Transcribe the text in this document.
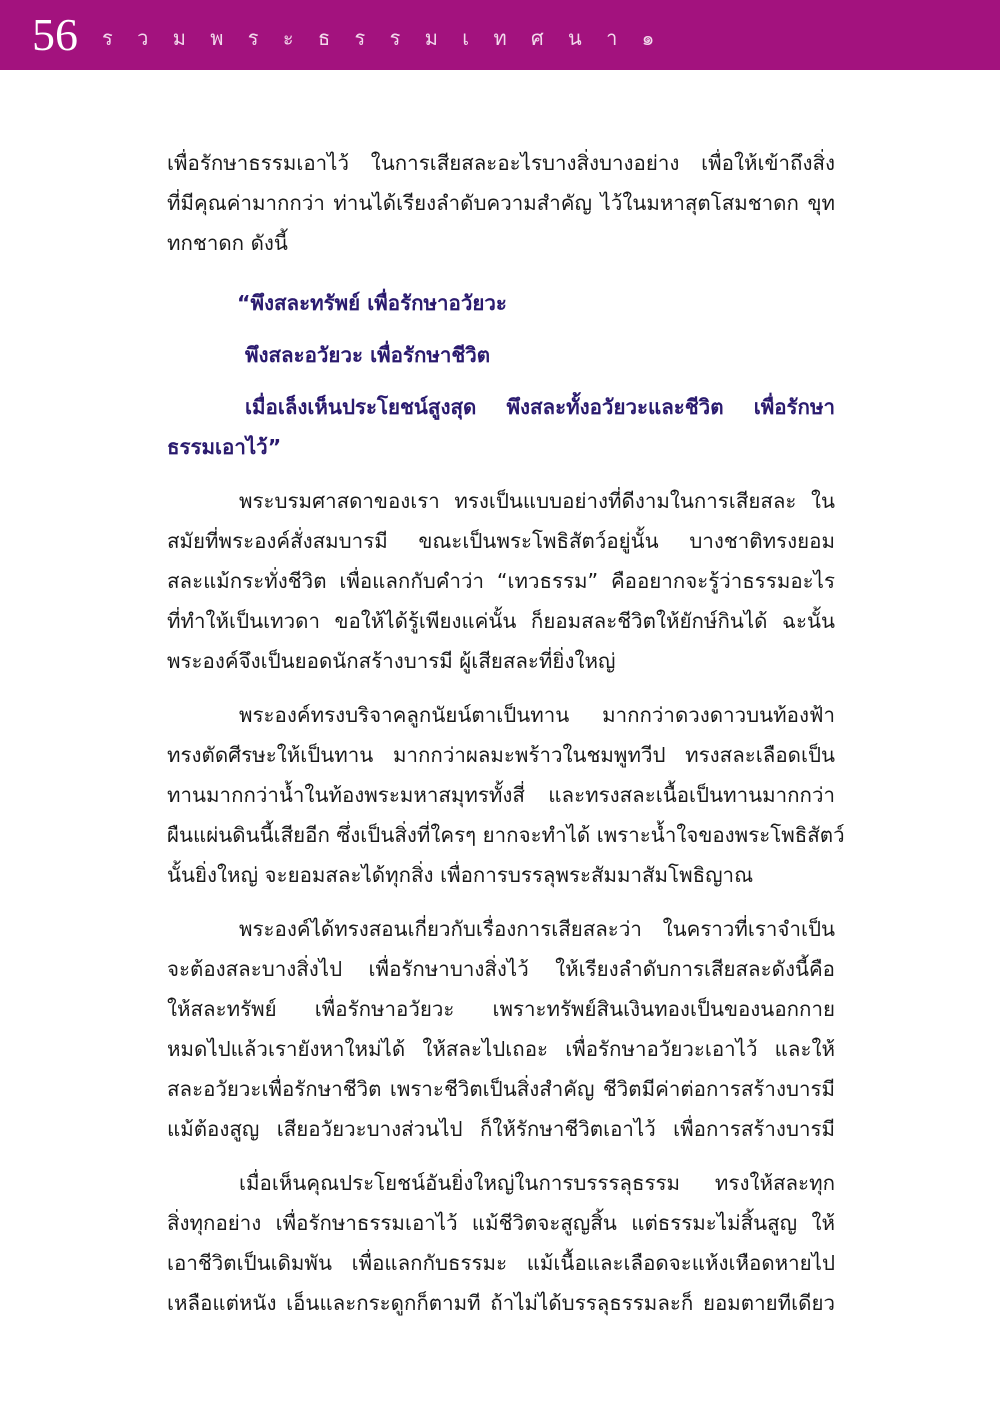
56 ร ว ม พ ร ะ ธ ร ร ม เ ท ศ น า ๑
เพื่อรักษาธรรมเอาไว้ ในการเสียสละอะไรบางสิ่งบางอย่าง เพื่อให้เข้าถึงสิ่ง
ที่มีคุณค่ามากกว่า ท่านได้เรียงลำดับความสำคัญ ไว้ในมหาสุตโสมชาดก ขุท
ทกชาดก ดังนี้
“พึงสละทรัพย์ เพื่อรักษาอวัยวะ
พึงสละอวัยวะ เพื่อรักษาชีวิต
เมื่อเล็งเห็นประโยชน์สูงสุด พึงสละทั้งอวัยวะและชีวิต เพื่อรักษา
ธรรมเอาไว้”
พระบรมศาสดาของเรา ทรงเป็นแบบอย่างที่ดีงามในการเสียสละ ใน
สมัยที่พระองค์สั่งสมบารมี ขณะเป็นพระโพธิสัตว์อยู่นั้น บางชาติทรงยอม
สละแม้กระทั่งชีวิต เพื่อแลกกับคำว่า “เทวธรรม” คืออยากจะรู้ว่าธรรมอะไร
ที่ทำให้เป็นเทวดา ขอให้ได้รู้เพียงแค่นั้น ก็ยอมสละชีวิตให้ยักษ์กินได้ ฉะนั้น
พระองค์จึงเป็นยอดนักสร้างบารมี ผู้เสียสละที่ยิ่งใหญ่
พระองค์ทรงบริจาคลูกนัยน์ตาเป็นทาน มากกว่าดวงดาวบนท้องฟ้า
ทรงตัดศีรษะให้เป็นทาน มากกว่าผลมะพร้าวในชมพูทวีป ทรงสละเลือดเป็น
ทานมากกว่าน้ำในท้องพระมหาสมุทรทั้งสี่ และทรงสละเนื้อเป็นทานมากกว่า
ผืนแผ่นดินนี้เสียอีก ซึ่งเป็นสิ่งที่ใครๆ ยากจะทำได้ เพราะน้ำใจของพระโพธิสัตว์
นั้นยิ่งใหญ่ จะยอมสละได้ทุกสิ่ง เพื่อการบรรลุพระสัมมาสัมโพธิญาณ
พระองค์ได้ทรงสอนเกี่ยวกับเรื่องการเสียสละว่า ในคราวที่เราจำเป็น
จะต้องสละบางสิ่งไป เพื่อรักษาบางสิ่งไว้ ให้เรียงลำดับการเสียสละดังนี้คือ
ให้สละทรัพย์ เพื่อรักษาอวัยวะ เพราะทรัพย์สินเงินทองเป็นของนอกกาย
หมดไปแล้วเรายังหาใหม่ได้ ให้สละไปเถอะ เพื่อรักษาอวัยวะเอาไว้ และให้
สละอวัยวะเพื่อรักษาชีวิต เพราะชีวิตเป็นสิ่งสำคัญ ชีวิตมีค่าต่อการสร้างบารมี
แม้ต้องสูญ เสียอวัยวะบางส่วนไป ก็ให้รักษาชีวิตเอาไว้ เพื่อการสร้างบารมี
เมื่อเห็นคุณประโยชน์อันยิ่งใหญ่ในการบรรรลุธรรม ทรงให้สละทุก
สิ่งทุกอย่าง เพื่อรักษาธรรมเอาไว้ แม้ชีวิตจะสูญสิ้น แต่ธรรมะไม่สิ้นสูญ ให้
เอาชีวิตเป็นเดิมพัน เพื่อแลกกับธรรมะ แม้เนื้อและเลือดจะแห้งเหือดหายไป
เหลือแต่หนัง เอ็นและกระดูกก็ตามที ถ้าไม่ได้บรรลุธรรมละก็ ยอมตายทีเดียว
